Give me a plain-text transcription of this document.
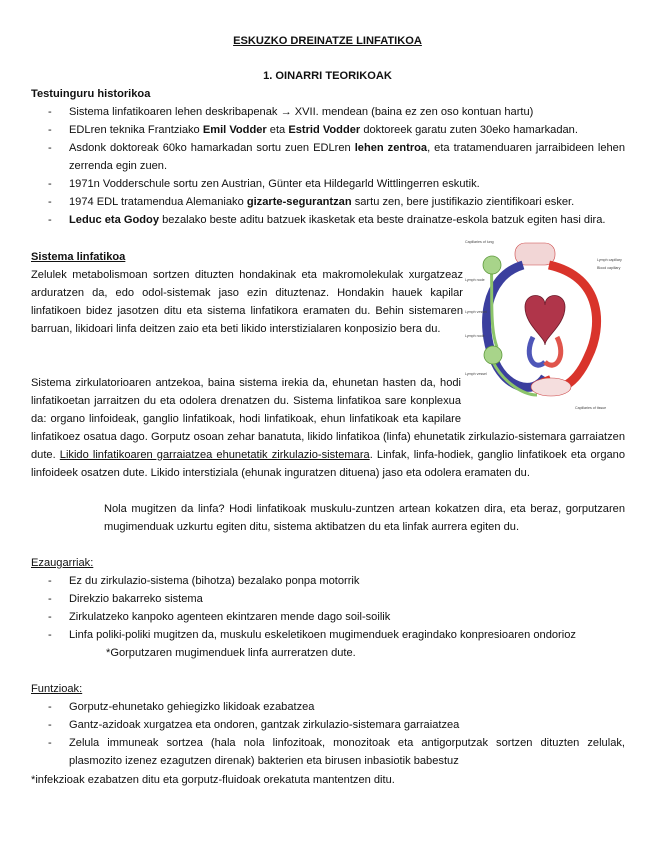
ESKUZKO DREINATZE LINFATIKOA
1. OINARRI TEORIKOAK
Testuinguru historikoa
- Sistema linfatikoaren lehen deskribapenak → XVII. mendean (baina ez zen oso kontuan hartu)
- EDLren teknika Frantziako Emil Vodder eta Estrid Vodder doktoreek garatu zuten 30eko hamarkadan.
- Asdonk doktoreak 60ko hamarkadan sortu zuen EDLren lehen zentroa, eta tratamenduaren jarraibideen lehen zerrenda egin zuen.
- 1971n Vodderschule sortu zen Austrian, Günter eta Hildegarld Wittlingerren eskutik.
- 1974 EDL tratamendua Alemaniako gizarte-segurantzan sartu zen, bere justifikazio zientifikoari esker.
- Leduc eta Godoy bezalako beste aditu batzuek ikasketak eta beste drainatze-eskola batzuk egiten hasi dira.
Sistema linfatikoa
Zelulek metabolismoan sortzen dituzten hondakinak eta makromolekulak xurgatzeaz arduratzen da, edo odol-sistemak jaso ezin dituztenaz. Hondakin hauek kapilar linfatikoen bidez jasotzen ditu eta sistema linfatikora eramaten du. Behin sistemaren barruan, likidoari linfa deitzen zaio eta beti likido interstizialaren konposizio bera du.
Capillaries of lung
Lymph node
Lymph vessel
Lymph node
Lymph vessel
Capillaries of tissue
Lymph capillary
Blood capillary
Sistema zirkulatorioaren antzekoa, baina sistema irekia da, ehunetan hasten da, hodi linfatikoetan jarraitzen du eta odolera drenatzen du. Sistema linfatikoa sare konplexua da: organo linfoideak, ganglio linfatikoak, hodi linfatikoak, ehun linfatikoak eta kapilare linfatikoez osatua dago. Gorputz osoan zehar banatuta, likido linfatikoa (linfa) ehunetatik zirkulazio-sistemara garraiatzen dute. Likido linfatikoaren garraiatzea ehunetatik zirkulazio-sistemara. Linfak, linfa-hodiek, ganglio linfatikoek eta organo linfoideek osatzen dute. Likido interstiziala (ehunak inguratzen dituena) jaso eta odolera eramaten du.
Nola mugitzen da linfa? Hodi linfatikoak muskulu-zuntzen artean kokatzen dira, eta beraz, gorputzaren mugimenduak uzkurtu egiten ditu, sistema aktibatzen du eta linfak aurrera egiten du.
Ezaugarriak:
- Ez du zirkulazio-sistema (bihotza) bezalako ponpa motorrik
- Direkzio bakarreko sistema
- Zirkulatzeko kanpoko agenteen ekintzaren mende dago soil-soilik
- Linfa poliki-poliki mugitzen da, muskulu eskeletikoen mugimenduek eragindako konpresioaren ondorioz
*Gorputzaren mugimenduek linfa aurreratzen dute.
Funtzioak:
- Gorputz-ehunetako gehiegizko likidoak ezabatzea
- Gantz-azidoak xurgatzea eta ondoren, gantzak zirkulazio-sistemara garraiatzea
- Zelula immuneak sortzea (hala nola linfozitoak, monozitoak eta antigorputzak sortzen dituzten zelulak, plasmozito izenez ezagutzen direnak) bakterien eta birusen inbasiotik babestuz
*infekzioak ezabatzen ditu eta gorputz-fluidoak orekatuta mantentzen ditu.
